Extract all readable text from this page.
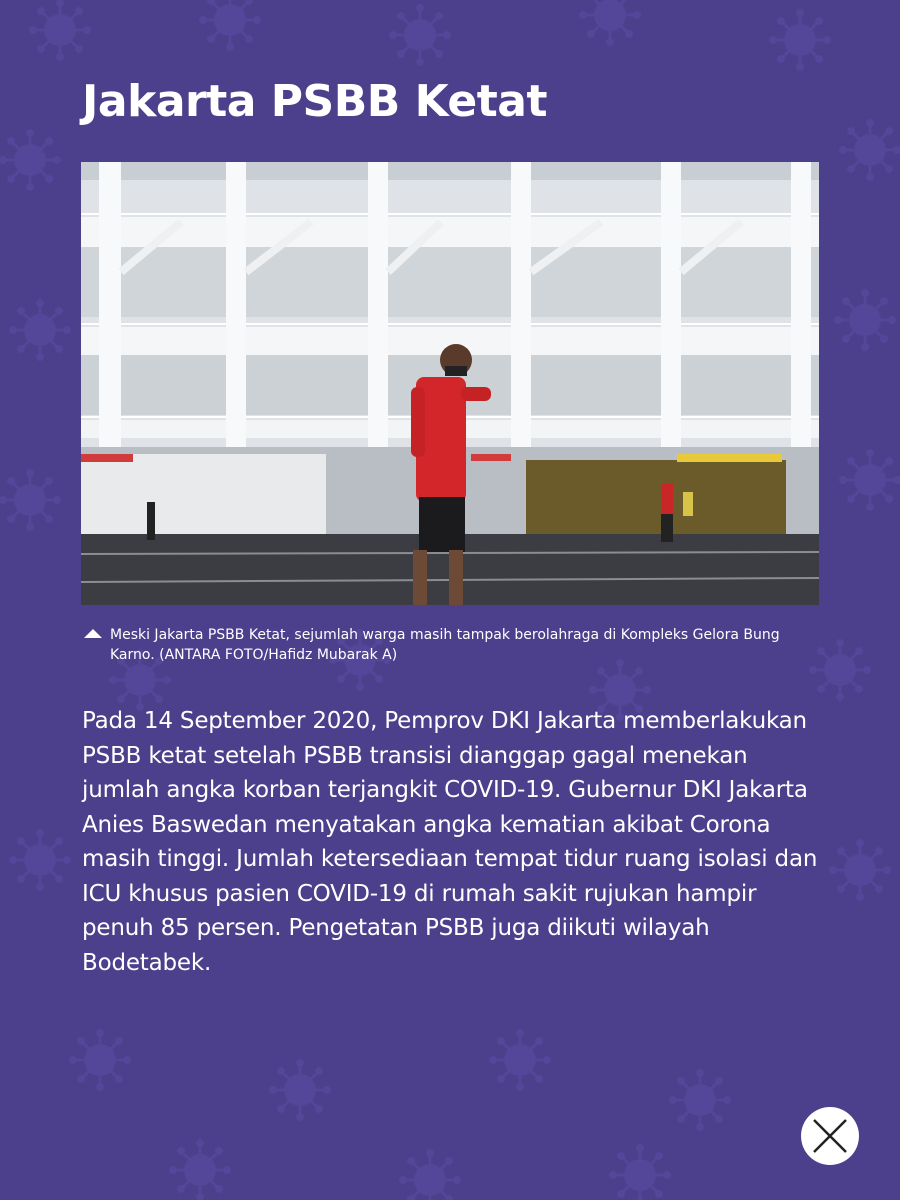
Jakarta PSBB Ketat

Meski Jakarta PSBB Ketat, sejumlah warga masih tampak berolahraga di Kompleks Gelora Bung Karno. (ANTARA FOTO/Hafidz Mubarak A)

Pada 14 September 2020, Pemprov DKI Jakarta memberlakukan PSBB ketat setelah PSBB transisi dianggap gagal menekan jumlah angka korban terjangkit COVID-19. Gubernur DKI Jakarta Anies Baswedan menyatakan angka kematian akibat Corona masih tinggi. Jumlah ketersediaan tempat tidur ruang isolasi dan ICU khusus pasien COVID-19 di rumah sakit rujukan hampir penuh 85 persen. Pengetatan PSBB juga diikuti wilayah Bodetabek.
